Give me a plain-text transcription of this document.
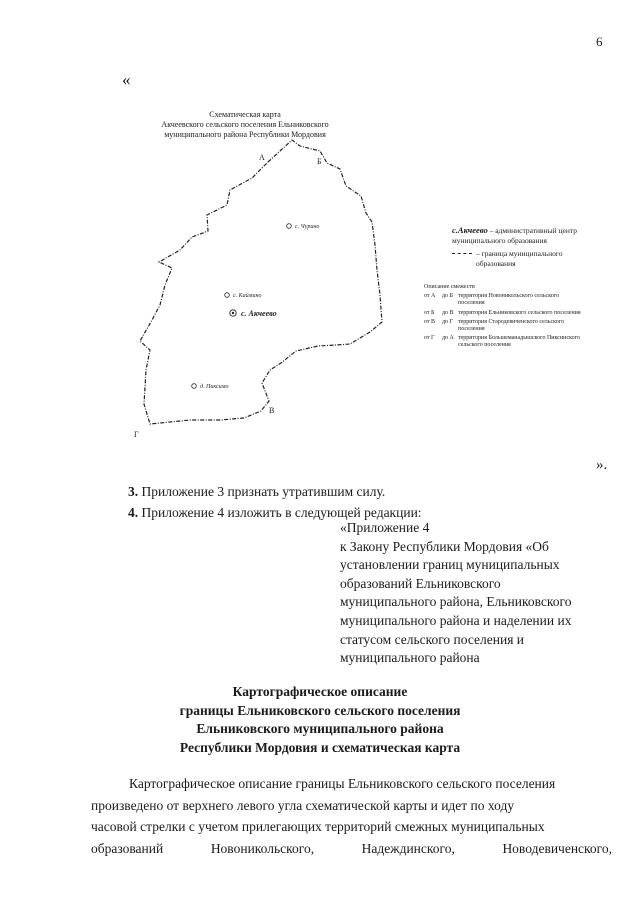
6
«
».
Схематическая карта
Акчеевского сельского поселения Ельниковского
муниципального района Республики Мордовия
А	Б
В
Г
с. Чурино
с. Каймино
с. Акчеево
д. Пиксимо
с.Акчеево – административный центр муниципального образования
– граница муниципального образования
Описание смежеств
от А	до Б территория Новоникольского сельского поселения
от Б	до В территория Ельниковского сельского поселения
от В	до Г территория Стародевиченского сельского поселения
от Г	до А территория Большеманадышского Пиксинского сельского поселения
3. Приложение 3 признать утратившим силу.
4. Приложение 4 изложить в следующей редакции:
«Приложение 4
к Закону Республики Мордовия «Об
установлении границ муниципальных
образований Ельниковского
муниципального района, Ельниковского
муниципального района и наделении их
статусом сельского поселения и
муниципального района
Картографическое описание
границы Ельниковского сельского поселения
Ельниковского муниципального района
Республики Мордовия и схематическая карта
Картографическое описание границы Ельниковского сельского поселения
произведено от верхнего левого угла схематической карты и идет по ходу
часовой стрелки с учетом прилегающих территорий смежных муниципальных
образований	Новоникольского,	Надеждинского,	Новодевиченского,
